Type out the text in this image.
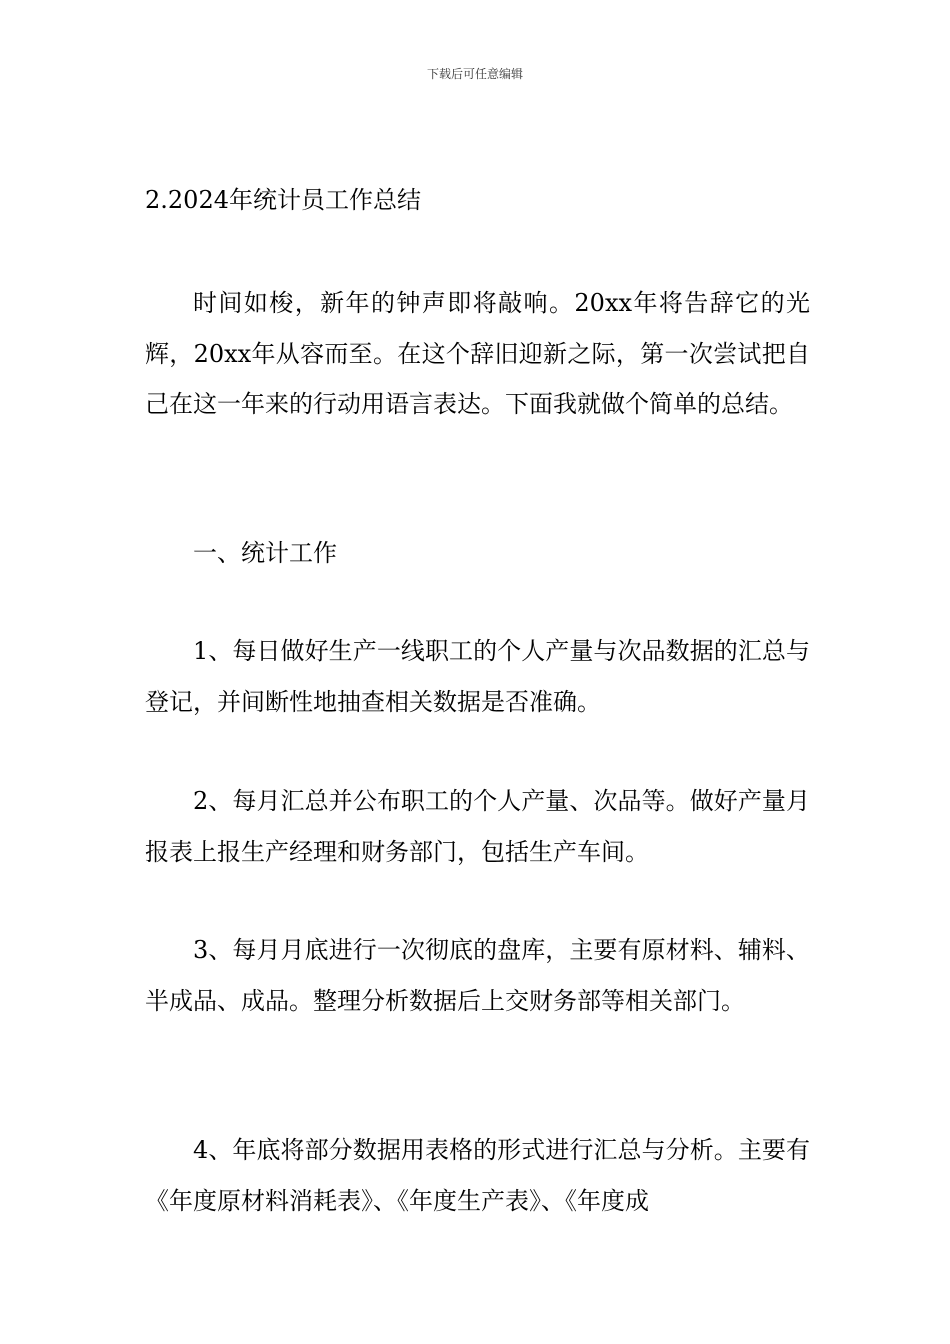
下载后可任意编辑
2.2024年统计员工作总结

时间如梭，新年的钟声即将敲响。20xx年将告辞它的光辉，20xx年从容而至。在这个辞旧迎新之际，第一次尝试把自己在这一年来的行动用语言表达。下面我就做个简单的总结。

一、统计工作

1、每日做好生产一线职工的个人产量与次品数据的汇总与登记，并间断性地抽查相关数据是否准确。

2、每月汇总并公布职工的个人产量、次品等。做好产量月报表上报生产经理和财务部门，包括生产车间。

3、每月月底进行一次彻底的盘库，主要有原材料、辅料、半成品、成品。整理分析数据后上交财务部等相关部门。

4、年底将部分数据用表格的形式进行汇总与分析。主要有《年度原材料消耗表》、《年度生产表》、《年度成
